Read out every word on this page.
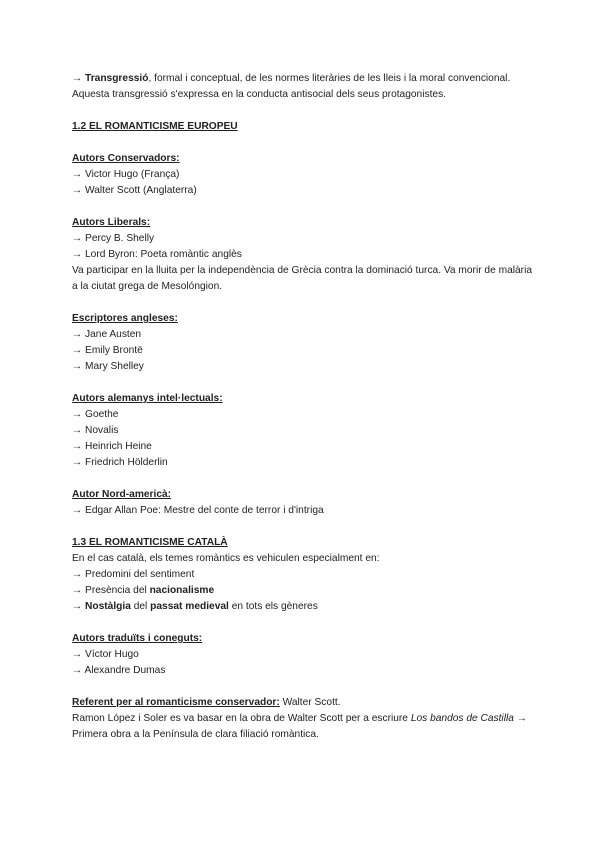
→ Transgressió, formal i conceptual, de les normes literàries de les lleis i la moral convencional. Aquesta transgressió s'expressa en la conducta antisocial dels seus protagonistes.

1.2 EL ROMANTICISME EUROPEU

Autors Conservadors:

→ Victor Hugo (França)

→ Walter Scott (Anglaterra)

Autors Liberals:

→ Percy B. Shelly

→ Lord Byron: Poeta romàntic anglès

Va participar en la lluita per la independència de Grècia contra la dominació turca. Va morir de malària a la ciutat grega de Mesolóngion.

Escriptores angleses:

→ Jane Austen

→ Emily Brontë

→ Mary Shelley

Autors alemanys intel·lectuals:

→ Goethe

→ Novalis

→ Heinrich Heine

→ Friedrich Hölderlin

Autor Nord-americà:

→ Edgar Allan Poe: Mestre del conte de terror i d'intriga

1.3 EL ROMANTICISME CATALÀ

En el cas català, els temes romàntics es vehiculen especialment en:

→ Predomini del sentiment

→ Presència del nacionalisme

→ Nostàlgia del passat medieval en tots els gèneres

Autors traduïts i coneguts:

→ Víctor Hugo

→ Alexandre Dumas

Referent per al romanticisme conservador: Walter Scott.

Ramon López i Soler es va basar en la obra de Walter Scott per a escriure Los bandos de Castilla → Primera obra a la Península de clara filiació romàntica.
